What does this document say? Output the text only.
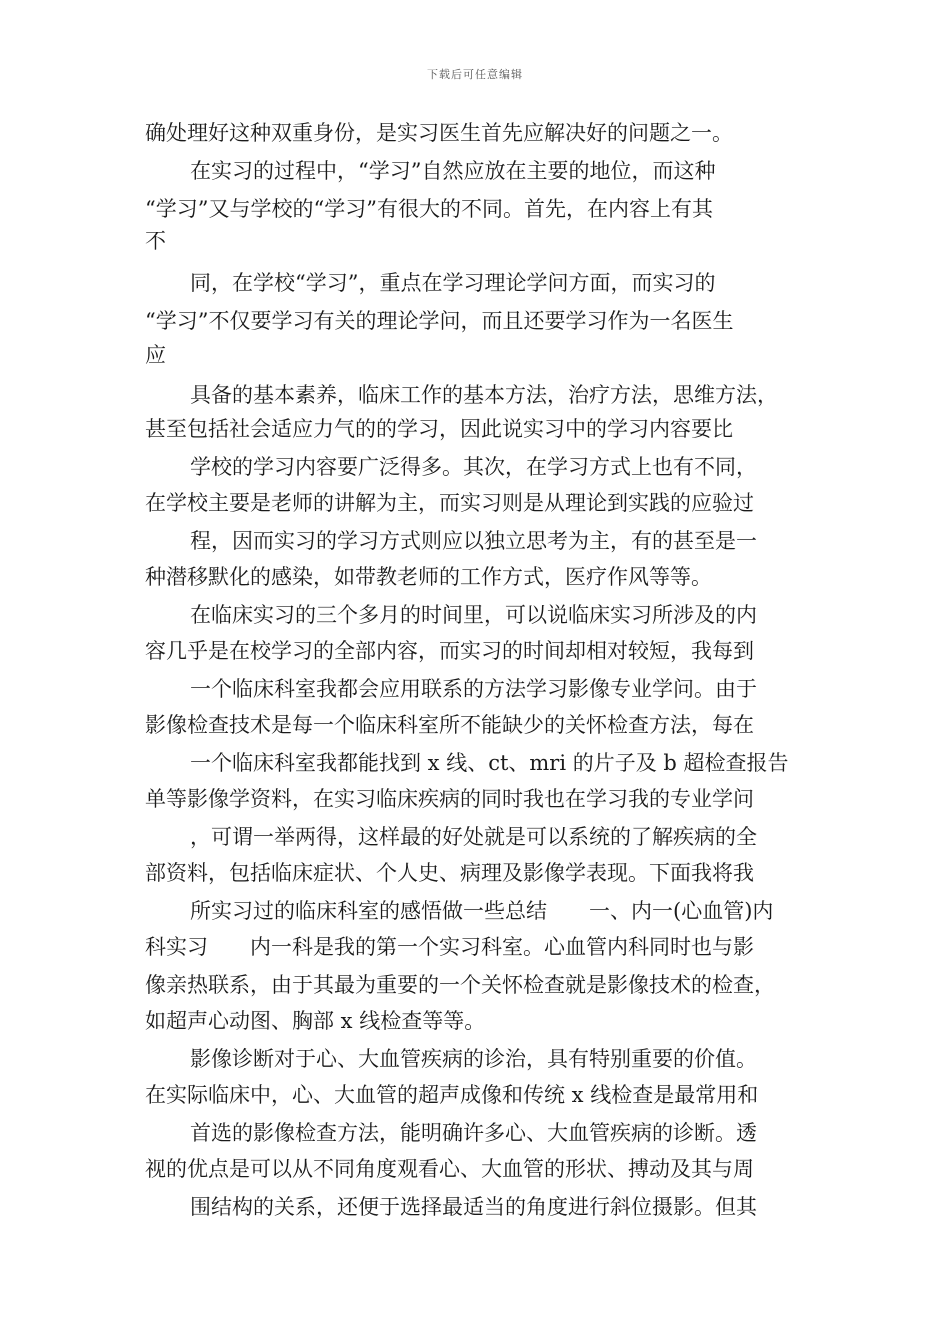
下载后可任意编辑
确处理好这种双重身份，是实习医生首先应解决好的问题之一。
在实习的过程中，“学习”自然应放在主要的地位，而这种
“学习”又与学校的“学习”有很大的不同。首先，在内容上有其
不
同，在学校“学习”，重点在学习理论学问方面，而实习的
“学习”不仅要学习有关的理论学问，而且还要学习作为一名医生
应
具备的基本素养，临床工作的基本方法，治疗方法，思维方法，
甚至包括社会适应力气的的学习，因此说实习中的学习内容要比
学校的学习内容要广泛得多。其次，在学习方式上也有不同，
在学校主要是老师的讲解为主，而实习则是从理论到实践的应验过
程，因而实习的学习方式则应以独立思考为主，有的甚至是一
种潜移默化的感染，如带教老师的工作方式，医疗作风等等。
在临床实习的三个多月的时间里，可以说临床实习所涉及的内
容几乎是在校学习的全部内容，而实习的时间却相对较短，我每到
一个临床科室我都会应用联系的方法学习影像专业学问。由于
影像检查技术是每一个临床科室所不能缺少的关怀检查方法，每在
一个临床科室我都能找到 x 线、ct、mri 的片子及 b 超检查报告
单等影像学资料，在实习临床疾病的同时我也在学习我的专业学问
，可谓一举两得，这样最的好处就是可以系统的了解疾病的全
部资料，包括临床症状、个人史、病理及影像学表现。下面我将我
所实习过的临床科室的感悟做一些总结　　一、内一(心血管)内
科实习　　内一科是我的第一个实习科室。心血管内科同时也与影
像亲热联系，由于其最为重要的一个关怀检查就是影像技术的检查，
如超声心动图、胸部 x 线检查等等。
影像诊断对于心、大血管疾病的诊治，具有特别重要的价值。
在实际临床中，心、大血管的超声成像和传统 x 线检查是最常用和
首选的影像检查方法，能明确许多心、大血管疾病的诊断。透
视的优点是可以从不同角度观看心、大血管的形状、搏动及其与周
围结构的关系，还便于选择最适当的角度进行斜位摄影。但其
